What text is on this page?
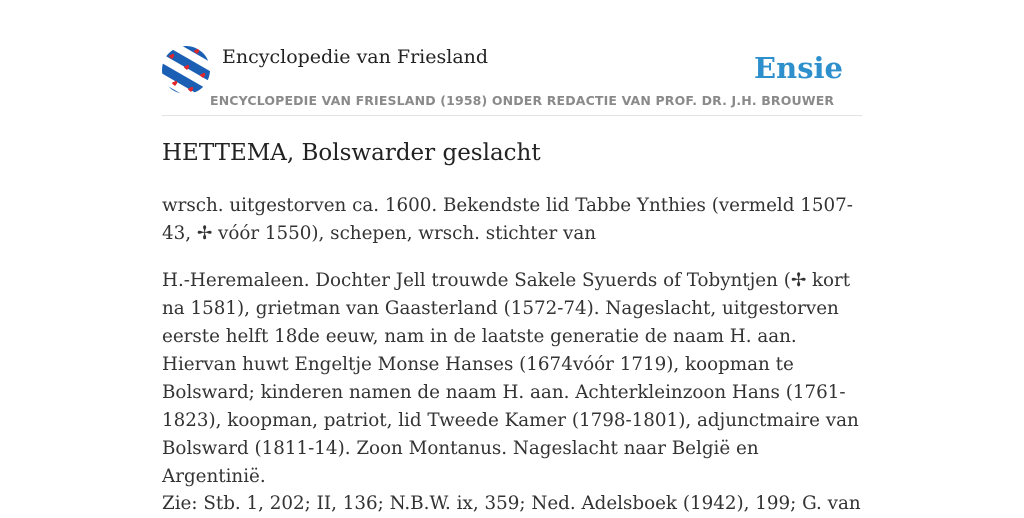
Encyclopedie van Friesland	Ensie
ENCYCLOPEDIE VAN FRIESLAND (1958) ONDER REDACTIE VAN PROF. DR. J.H. BROUWER
HETTEMA, Bolswarder geslacht

wrsch. uitgestorven ca. 1600. Bekendste lid Tabbe Ynthies (vermeld 1507-43, ✢ vóór 1550), schepen, wrsch. stichter van

H.-Heremaleen. Dochter Jell trouwde Sakele Syuerds of Tobyntjen (✢ kort na 1581), grietman van Gaasterland (1572-74). Nageslacht, uitgestorven eerste helft 18de eeuw, nam in de laatste generatie de naam H. aan. Hiervan huwt Engeltje Monse Hanses (1674vóór 1719), koopman te Bolsward; kinderen namen de naam H. aan. Achterkleinzoon Hans (1761-1823), koopman, patriot, lid Tweede Kamer (1798-1801), adjunctmaire van Bolsward (1811-14). Zoon Montanus. Nageslacht naar België en Argentinië.

Zie: Stb. 1, 202; II, 136; N.B.W. ix, 359; Ned. Adelsboek (1942), 199; G. van
